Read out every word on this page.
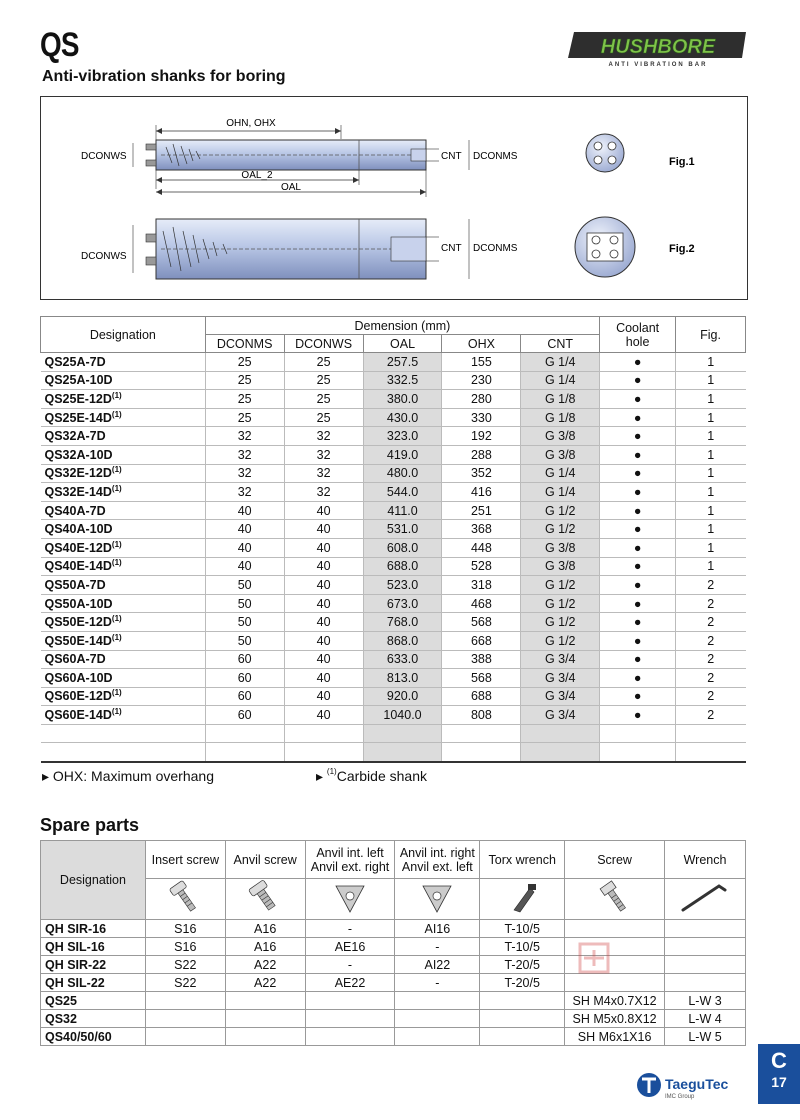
QS
Anti-vibration shanks for boring
HUSHBORE
ANTI VIBRATION BAR
OHN, OHX
OAL_2
OAL
DCONWS	CNT DCONMS	Fig.1
DCONWS
CNT DCONMS	Fig.2
Designation	Demension (mm)					Coolant hole	Fig.
	DCONMS	DCONWS	OAL	OHX	CNT		
QS25A-7D	25	25	257.5	155	G 1/4	●	1
QS25A-10D	25	25	332.5	230	G 1/4	●	1
$QS25E-12D^{(1)}$	25	25	380.0	280	G 1/8	●	1
$QS25E-14D^{(1)}$	25	25	430.0	330	G 1/8	●	1
QS32A-7D	32	32	323.0	192	G 3/8	●	1
QS32A-10D	32	32	419.0	288	G 3/8	●	1
$QS32E-12D^{(1)}$	32	32	480.0	352	G 1/4	●	1
$QS32E-14D^{(1)}$	32	32	544.0	416	G 1/4	●	1
QS40A-7D	40	40	411.0	251	G 1/2	●	1
QS40A-10D	40	40	531.0	368	G 1/2	●	1
$QS40E-12D^{(1)}$	40	40	608.0	448	G 3/8	●	1
$QS40E-14D^{(1)}$	40	40	688.0	528	G 3/8	●	1
QS50A-7D	50	40	523.0	318	G 1/2	●	2
QS50A-10D	50	40	673.0	468	G 1/2	●	2
$QS50E-12D^{(1)}$	50	40	768.0	568	G 1/2	●	2
$QS50E-14D^{(1)}$	50	40	868.0	668	G 1/2	●	2
QS60A-7D	60	40	633.0	388	G 3/4	●	2
QS60A-10D	60	40	813.0	568	G 3/4	●	2
$QS60E-12D^{(1)}$	60	40	920.0	688	G 3/4	●	2
$QS60E-14D^{(1)}$	60	40	1040.0	808	G 3/4	●	2

▸ OHX: Maximum overhang	▸ $^{(1)}$Carbide shank
Spare parts
Designation	Insert screw	Anvil screw	Anvil int. left
Anvil ext. right	Anvil int. right
Anvil ext. left	Torx wrench	Screw	Wrench

QH SIR-16	S16	A16	-	AI16	T-10/5		
QH SIL-16	S16	A16	AE16	-	T-10/5		
QH SIR-22	S22	A22	-	AI22	T-20/5		
QH SIL-22	S22	A22	AE22	-	T-20/5		
QS25						SH M4x0.7X12	L-W 3
QS32						SH M5x0.8X12	L-W 4
QS40/50/60						SH M6x1X16	L-W 5
C
17
TaeguTec
IMC Group
